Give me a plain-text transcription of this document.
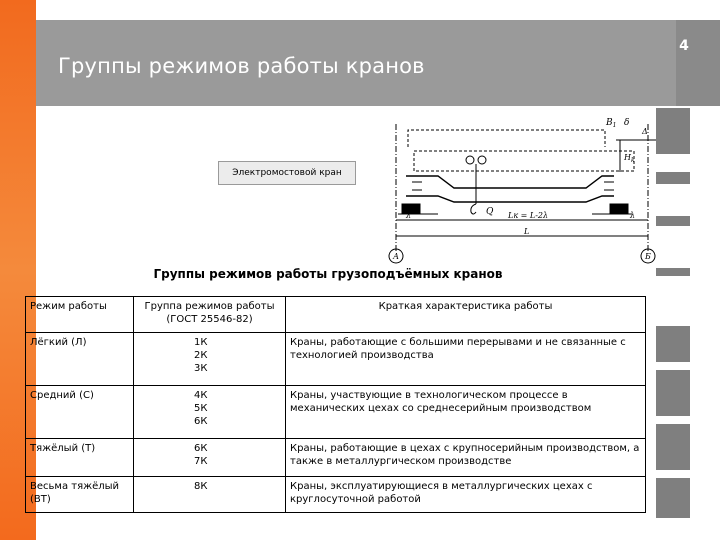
Группы режимов работы кранов
4
Электромостовой кран
$B_1$ δ
Δ
$H_k$
Q
λ	λ
Lк = L-2λ
L
А	Б
Группы режимов работы грузоподъёмных кранов
Режим работы	Группа режимов работы (ГОСТ 25546-82)	Краткая характеристика работы
Лёгкий (Л)	1К
2К
3К	Краны, работающие с большими перерывами и не связанные с технологией производства
Средний (С)	4К
5К
6К	Краны, участвующие в технологическом процессе в механических цехах со среднесерийным производством
Тяжёлый (Т)	6К
7К	Краны, работающие в цехах с крупносерийным производством, а также в металлургическом производстве
Весьма тяжёлый (ВТ)	8К	Краны, эксплуатирующиеся в металлургических цехах с круглосуточной работой
